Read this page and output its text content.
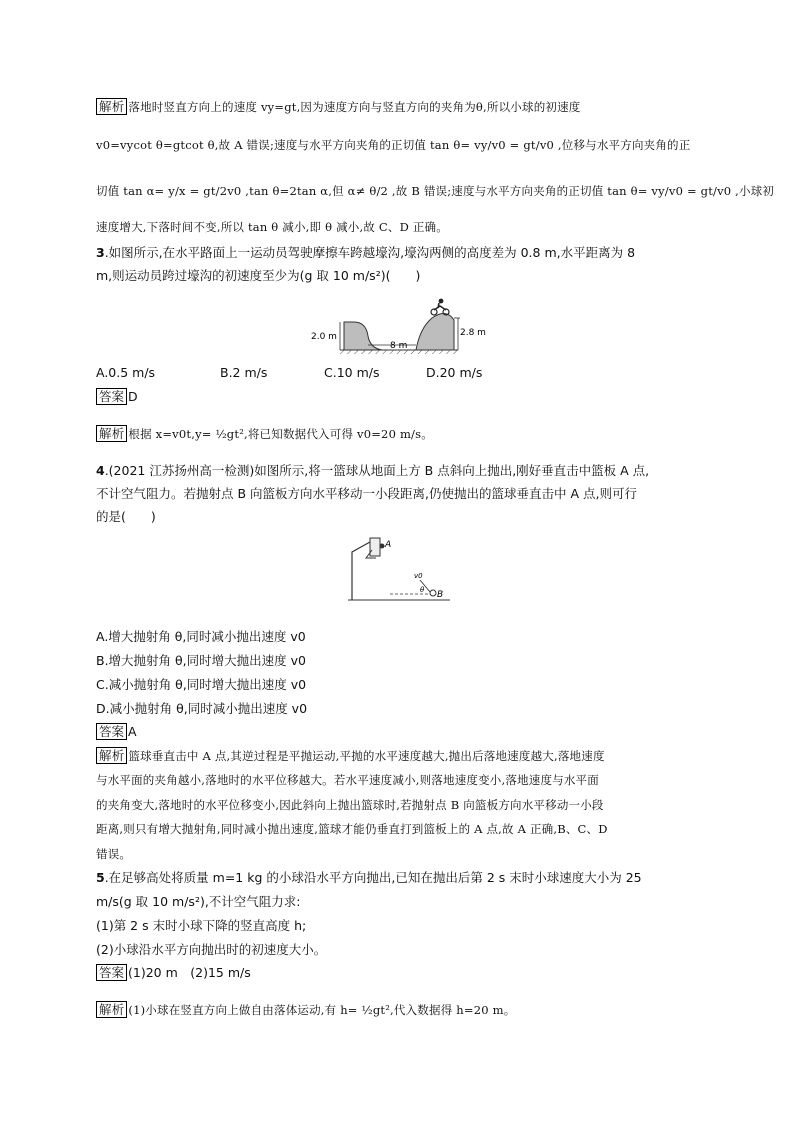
解析 落地时竖直方向上的速度 vy=gt,因为速度方向与竖直方向的夹角为θ,所以小球的初速度
v0=vycot θ=gtcot θ,故 A 错误;速度与水平方向夹角的正切值 tan θ= vy/v0 = gt/v0 ,位移与水平方向夹角的正
切值 tan α= y/x = gt/2v0 ,tan θ=2tan α,但 α≠ θ/2 ,故 B 错误;速度与水平方向夹角的正切值 tan θ= vy/v0 = gt/v0 ,小球初
速度增大,下落时间不变,所以 tan θ 减小,即 θ 减小,故 C、D 正确。
3.如图所示,在水平路面上一运动员驾驶摩擦车跨越壕沟,壕沟两侧的高度差为 0.8 m,水平距离为 8
m,则运动员跨过壕沟的初速度至少为(g 取 10 m/s²)(　　)
2.0 m
8 m
2.8 m
A.0.5 m/s	B.2 m/s	C.10 m/s	D.20 m/s
答案 D
解析 根据 x=v0t,y= ½gt²,将已知数据代入可得 v0=20 m/s。
4.(2021 江苏扬州高一检测)如图所示,将一篮球从地面上方 B 点斜向上抛出,刚好垂直击中篮板 A 点,
不计空气阻力。若抛射点 B 向篮板方向水平移动一小段距离,仍使抛出的篮球垂直击中 A 点,则可行
的是(　　)
A
B
v0
θ
A.增大抛射角 θ,同时减小抛出速度 v0
B.增大抛射角 θ,同时增大抛出速度 v0
C.减小抛射角 θ,同时增大抛出速度 v0
D.减小抛射角 θ,同时减小抛出速度 v0
答案 A
解析 篮球垂直击中 A 点,其逆过程是平抛运动,平抛的水平速度越大,抛出后落地速度越大,落地速度
与水平面的夹角越小,落地时的水平位移越大。若水平速度减小,则落地速度变小,落地速度与水平面
的夹角变大,落地时的水平位移变小,因此斜向上抛出篮球时,若抛射点 B 向篮板方向水平移动一小段
距离,则只有增大抛射角,同时减小抛出速度,篮球才能仍垂直打到篮板上的 A 点,故 A 正确,B、C、D
错误。
5.在足够高处将质量 m=1 kg 的小球沿水平方向抛出,已知在抛出后第 2 s 末时小球速度大小为 25
m/s(g 取 10 m/s²),不计空气阻力求:
(1)第 2 s 末时小球下降的竖直高度 h;
(2)小球沿水平方向抛出时的初速度大小。
答案 (1)20 m　(2)15 m/s
解析 (1)小球在竖直方向上做自由落体运动,有 h= ½gt²,代入数据得 h=20 m。
